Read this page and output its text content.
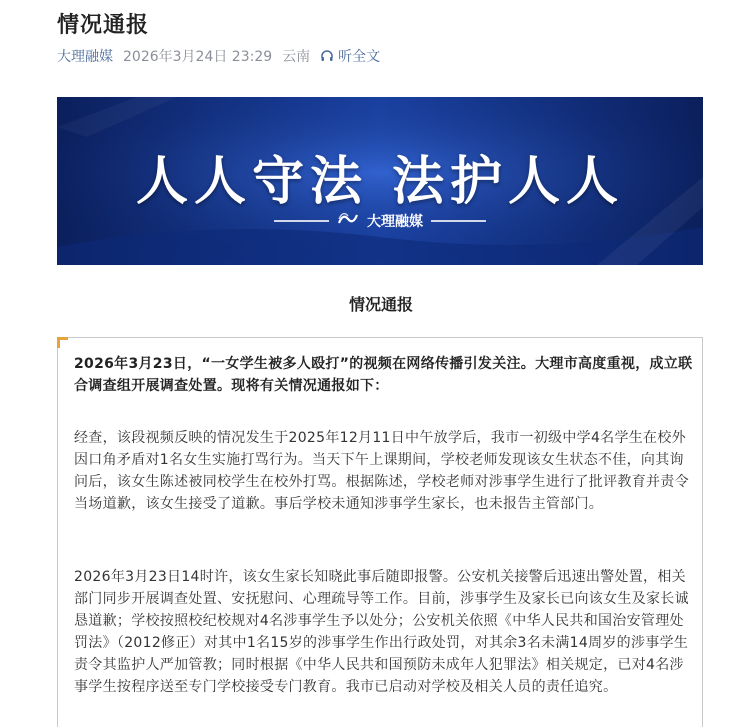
情况通报
大理融媒 2026年3月24日 23:29 云南 听全文
人人守法 法护人人
大理融媒
情况通报
2026年3月23日，“一女学生被多人殴打”的视频在网络传播引发关注。大理市高度重视，成立联合调查组开展调查处置。现将有关情况通报如下：
经查，该段视频反映的情况发生于2025年12月11日中午放学后，我市一初级中学4名学生在校外因口角矛盾对1名女生实施打骂行为。当天下午上课期间，学校老师发现该女生状态不佳，向其询问后，该女生陈述被同校学生在校外打骂。根据陈述，学校老师对涉事学生进行了批评教育并责令当场道歉，该女生接受了道歉。事后学校未通知涉事学生家长，也未报告主管部门。
2026年3月23日14时许，该女生家长知晓此事后随即报警。公安机关接警后迅速出警处置，相关部门同步开展调查处置、安抚慰问、心理疏导等工作。目前，涉事学生及家长已向该女生及家长诚恳道歉；学校按照校纪校规对4名涉事学生予以处分；公安机关依照《中华人民共和国治安管理处罚法》（2012修正）对其中1名15岁的涉事学生作出行政处罚，对其余3名未满14周岁的涉事学生责令其监护人严加管教；同时根据《中华人民共和国预防未成年人犯罪法》相关规定，已对4名涉事学生按程序送至专门学校接受专门教育。我市已启动对学校及相关人员的责任追究。
